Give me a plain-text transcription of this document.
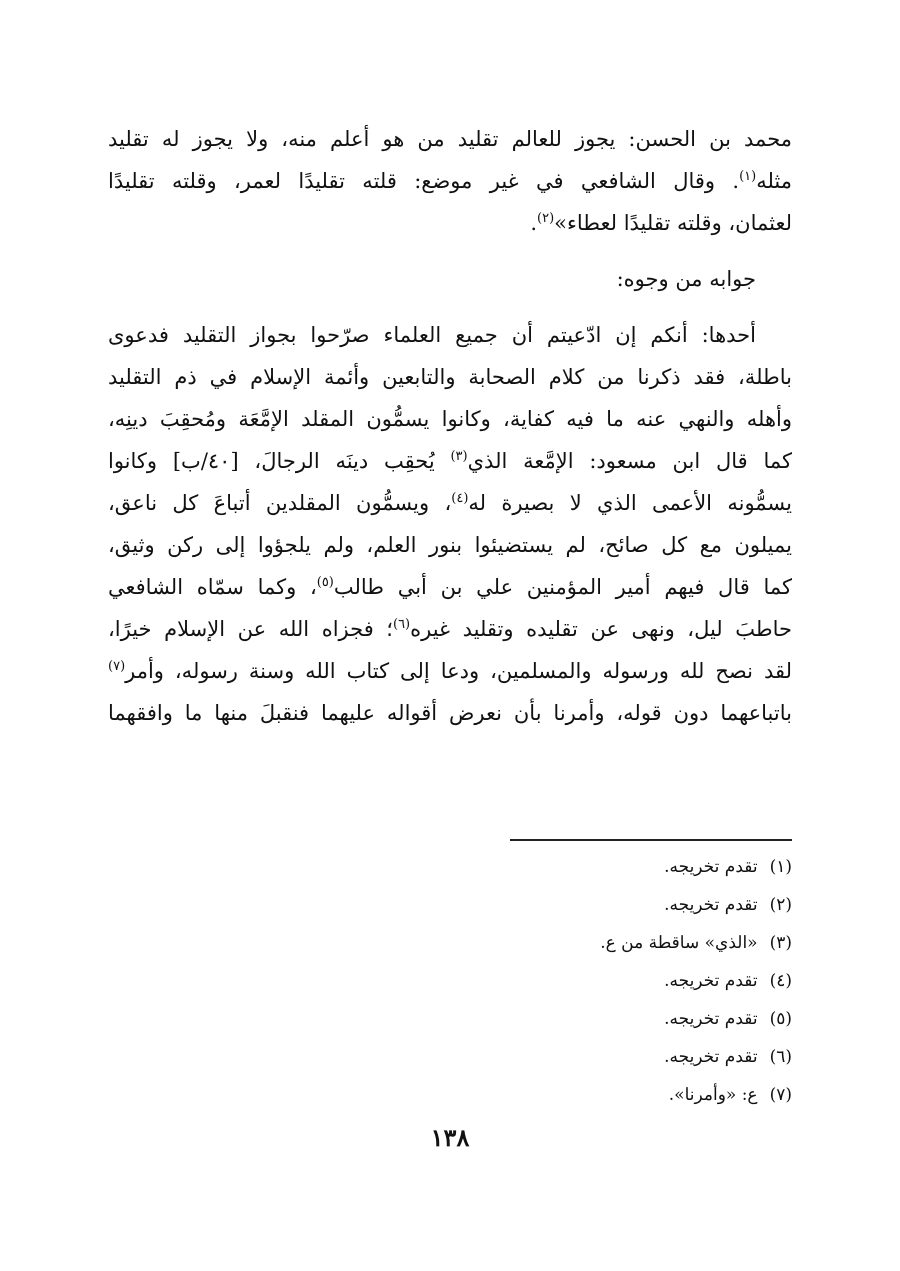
محمد بن الحسن: يجوز للعالم تقليد من هو أعلم منه، ولا يجوز له تقليد
مثله$^{(١)}$. وقال الشافعي في غير موضع: قلته تقليدًا لعمر، وقلته تقليدًا
لعثمان، وقلته تقليدًا لعطاء»$^{(٢)}$.
جوابه من وجوه:
أحدها: أنكم إن ادّعيتم أن جميع العلماء صرّحوا بجواز التقليد فدعوى
باطلة، فقد ذكرنا من كلام الصحابة والتابعين وأئمة الإسلام في ذم التقليد
وأهله والنهي عنه ما فيه كفاية، وكانوا يسمُّون المقلد الإمَّعَة ومُحقِبَ دينِه،
كما قال ابن مسعود: الإمَّعة الذي$^{(٣)}$ يُحقِب دينَه الرجالَ، [٤٠/ب] وكانوا
يسمُّونه الأعمى الذي لا بصيرة له$^{(٤)}$، ويسمُّون المقلدين أتباعَ كل ناعق،
يميلون مع كل صائح، لم يستضيئوا بنور العلم، ولم يلجؤوا إلى ركن وثيق،
كما قال فيهم أمير المؤمنين علي بن أبي طالب$^{(٥)}$، وكما سمّاه الشافعي
حاطبَ ليل، ونهى عن تقليده وتقليد غيره$^{(٦)}$؛ فجزاه الله عن الإسلام خيرًا،
لقد نصح لله ورسوله والمسلمين، ودعا إلى كتاب الله وسنة رسوله، وأمر$^{(٧)}$
باتباعهما دون قوله، وأمرنا بأن نعرض أقواله عليهما فنقبلَ منها ما وافقهما
(١)تقدم تخريجه.
(٢)تقدم تخريجه.
(٣)«الذي» ساقطة من ع.
(٤)تقدم تخريجه.
(٥)تقدم تخريجه.
(٦)تقدم تخريجه.
(٧)ع: «وأمرنا».
١٣٨
